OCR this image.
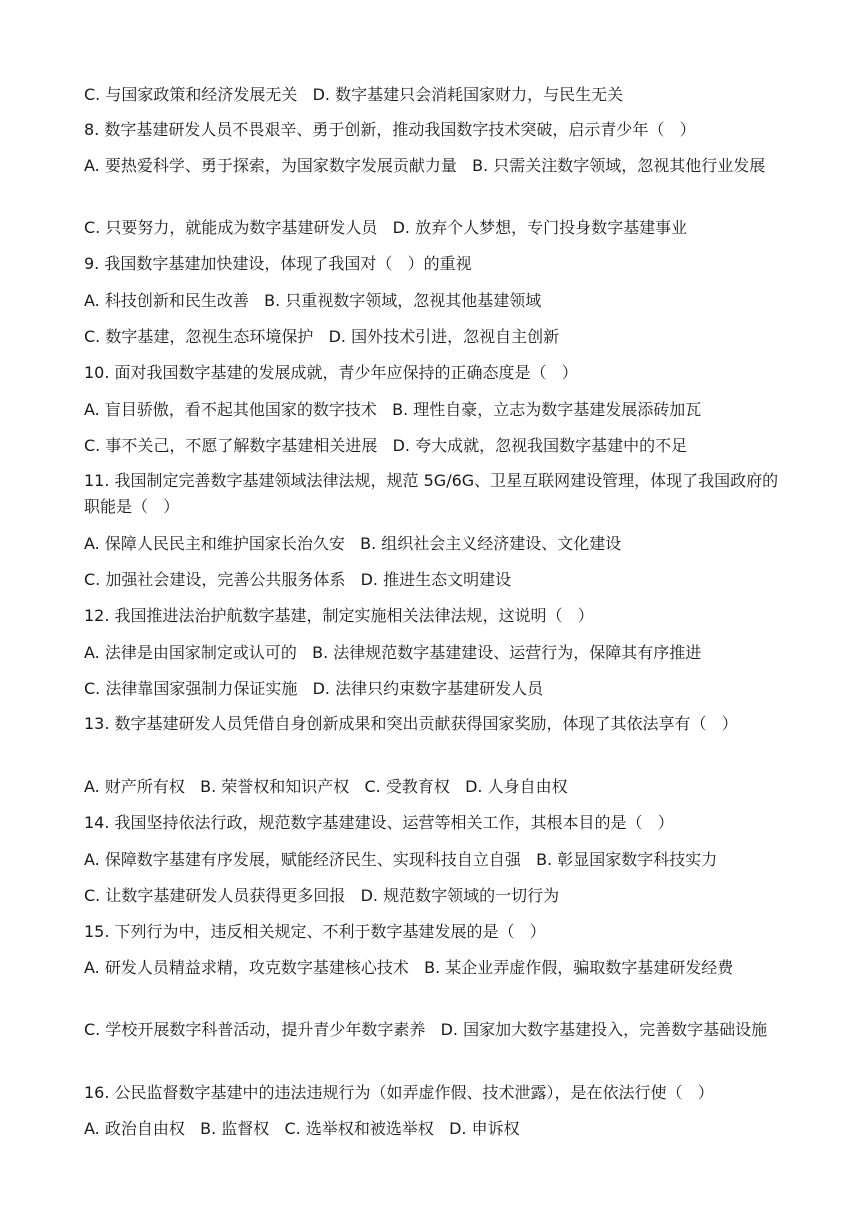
C. 与国家政策和经济发展无关   D. 数字基建只会消耗国家财力，与民生无关
8. 数字基建研发人员不畏艰辛、勇于创新，推动我国数字技术突破，启示青少年（   ）
A. 要热爱科学、勇于探索，为国家数字发展贡献力量   B. 只需关注数字领域，忽视其他行业发展
C. 只要努力，就能成为数字基建研发人员   D. 放弃个人梦想，专门投身数字基建事业
9. 我国数字基建加快建设，体现了我国对（   ）的重视
A. 科技创新和民生改善   B. 只重视数字领域，忽视其他基建领域
C. 数字基建，忽视生态环境保护   D. 国外技术引进，忽视自主创新
10. 面对我国数字基建的发展成就，青少年应保持的正确态度是（   ）
A. 盲目骄傲，看不起其他国家的数字技术   B. 理性自豪，立志为数字基建发展添砖加瓦
C. 事不关己，不愿了解数字基建相关进展   D. 夸大成就，忽视我国数字基建中的不足
11. 我国制定完善数字基建领域法律法规，规范 5G/6G、卫星互联网建设管理，体现了我国政府的职能是（   ）
A. 保障人民民主和维护国家长治久安   B. 组织社会主义经济建设、文化建设
C. 加强社会建设，完善公共服务体系   D. 推进生态文明建设
12. 我国推进法治护航数字基建，制定实施相关法律法规，这说明（   ）
A. 法律是由国家制定或认可的   B. 法律规范数字基建建设、运营行为，保障其有序推进
C. 法律靠国家强制力保证实施   D. 法律只约束数字基建研发人员
13. 数字基建研发人员凭借自身创新成果和突出贡献获得国家奖励，体现了其依法享有（   ）
A. 财产所有权   B. 荣誉权和知识产权   C. 受教育权   D. 人身自由权
14. 我国坚持依法行政，规范数字基建建设、运营等相关工作，其根本目的是（   ）
A. 保障数字基建有序发展，赋能经济民生、实现科技自立自强   B. 彰显国家数字科技实力
C. 让数字基建研发人员获得更多回报   D. 规范数字领域的一切行为
15. 下列行为中，违反相关规定、不利于数字基建发展的是（   ）
A. 研发人员精益求精，攻克数字基建核心技术   B. 某企业弄虚作假，骗取数字基建研发经费
C. 学校开展数字科普活动，提升青少年数字素养   D. 国家加大数字基建投入，完善数字基础设施
16. 公民监督数字基建中的违法违规行为（如弄虚作假、技术泄露），是在依法行使（   ）
A. 政治自由权   B. 监督权   C. 选举权和被选举权   D. 申诉权
